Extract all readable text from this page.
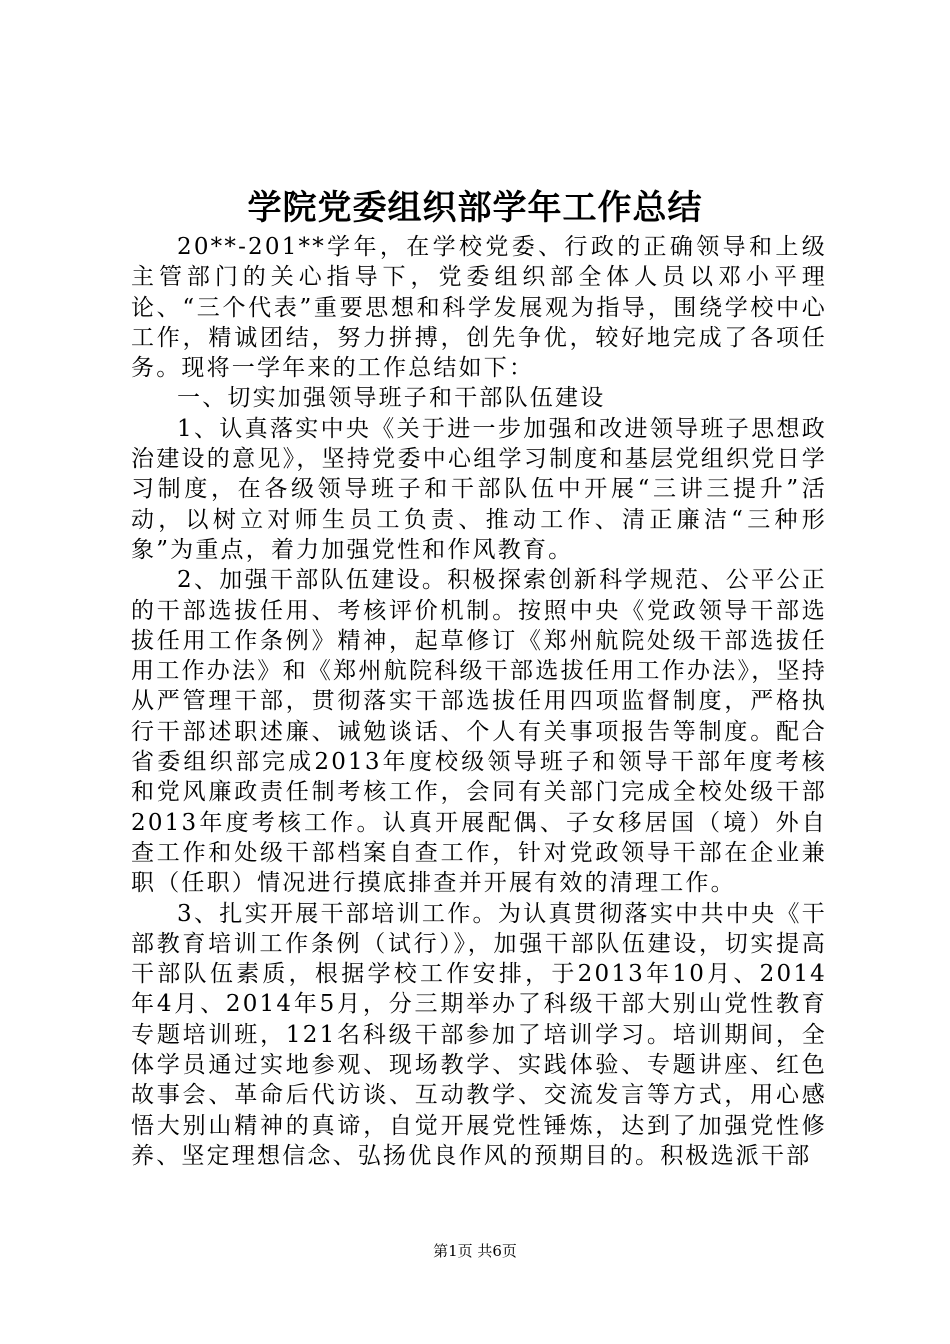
学院党委组织部学年工作总结

20**-201**学年，在学校党委、行政的正确领导和上级主管部门的关心指导下，党委组织部全体人员以邓小平理论、“三个代表”重要思想和科学发展观为指导，围绕学校中心工作，精诚团结，努力拼搏，创先争优，较好地完成了各项任务。现将一学年来的工作总结如下：

一、切实加强领导班子和干部队伍建设

1、认真落实中央《关于进一步加强和改进领导班子思想政治建设的意见》，坚持党委中心组学习制度和基层党组织党日学习制度，在各级领导班子和干部队伍中开展“三讲三提升”活动，以树立对师生员工负责、推动工作、清正廉洁“三种形象”为重点，着力加强党性和作风教育。

2、加强干部队伍建设。积极探索创新科学规范、公平公正的干部选拔任用、考核评价机制。按照中央《党政领导干部选拔任用工作条例》精神，起草修订《郑州航院处级干部选拔任用工作办法》和《郑州航院科级干部选拔任用工作办法》，坚持从严管理干部，贯彻落实干部选拔任用四项监督制度，严格执行干部述职述廉、诫勉谈话、个人有关事项报告等制度。配合省委组织部完成2013年度校级领导班子和领导干部年度考核和党风廉政责任制考核工作，会同有关部门完成全校处级干部2013年度考核工作。认真开展配偶、子女移居国（境）外自查工作和处级干部档案自查工作，针对党政领导干部在企业兼职（任职）情况进行摸底排查并开展有效的清理工作。

3、扎实开展干部培训工作。为认真贯彻落实中共中央《干部教育培训工作条例（试行）》，加强干部队伍建设，切实提高干部队伍素质，根据学校工作安排，于2013年10月、2014年4月、2014年5月，分三期举办了科级干部大别山党性教育专题培训班，121名科级干部参加了培训学习。培训期间，全体学员通过实地参观、现场教学、实践体验、专题讲座、红色故事会、革命后代访谈、互动教学、交流发言等方式，用心感悟大别山精神的真谛，自觉开展党性锤炼，达到了加强党性修养、坚定理想信念、弘扬优良作风的预期目的。积极选派干部

第1页 共6页
